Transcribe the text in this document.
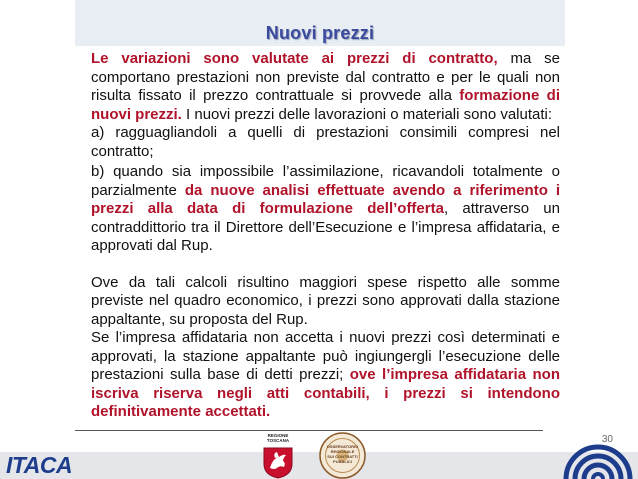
Nuovi prezzi

Le variazioni sono valutate ai prezzi di contratto, ma se comportano prestazioni non previste dal contratto e per le quali non risulta fissato il prezzo contrattuale si provvede alla formazione di nuovi prezzi. I nuovi prezzi delle lavorazioni o materiali sono valutati:

a) ragguagliandoli a quelli di prestazioni consimili compresi nel contratto;

b) quando sia impossibile l’assimilazione, ricavandoli totalmente o parzialmente da nuove analisi effettuate avendo a riferimento i prezzi alla data di formulazione dell’offerta, attraverso un contraddittorio tra il Direttore dell’Esecuzione e l’impresa affidataria, e approvati dal Rup.

Ove da tali calcoli risultino maggiori spese rispetto alle somme previste nel quadro economico, i prezzi sono approvati dalla stazione appaltante, su proposta del Rup.

Se l’impresa affidataria non accetta i nuovi prezzi così determinati e approvati, la stazione appaltante può ingiungergli l’esecuzione delle prestazioni sulla base di detti prezzi; ove l’impresa affidataria non iscriva riserva negli atti contabili, i prezzi si intendono definitivamente accettati.

ITACA
REGIONE
TOSCANA
OSSERVATORIO
REGIONALE
SUI CONTRATTI
PUBBLICI
30
